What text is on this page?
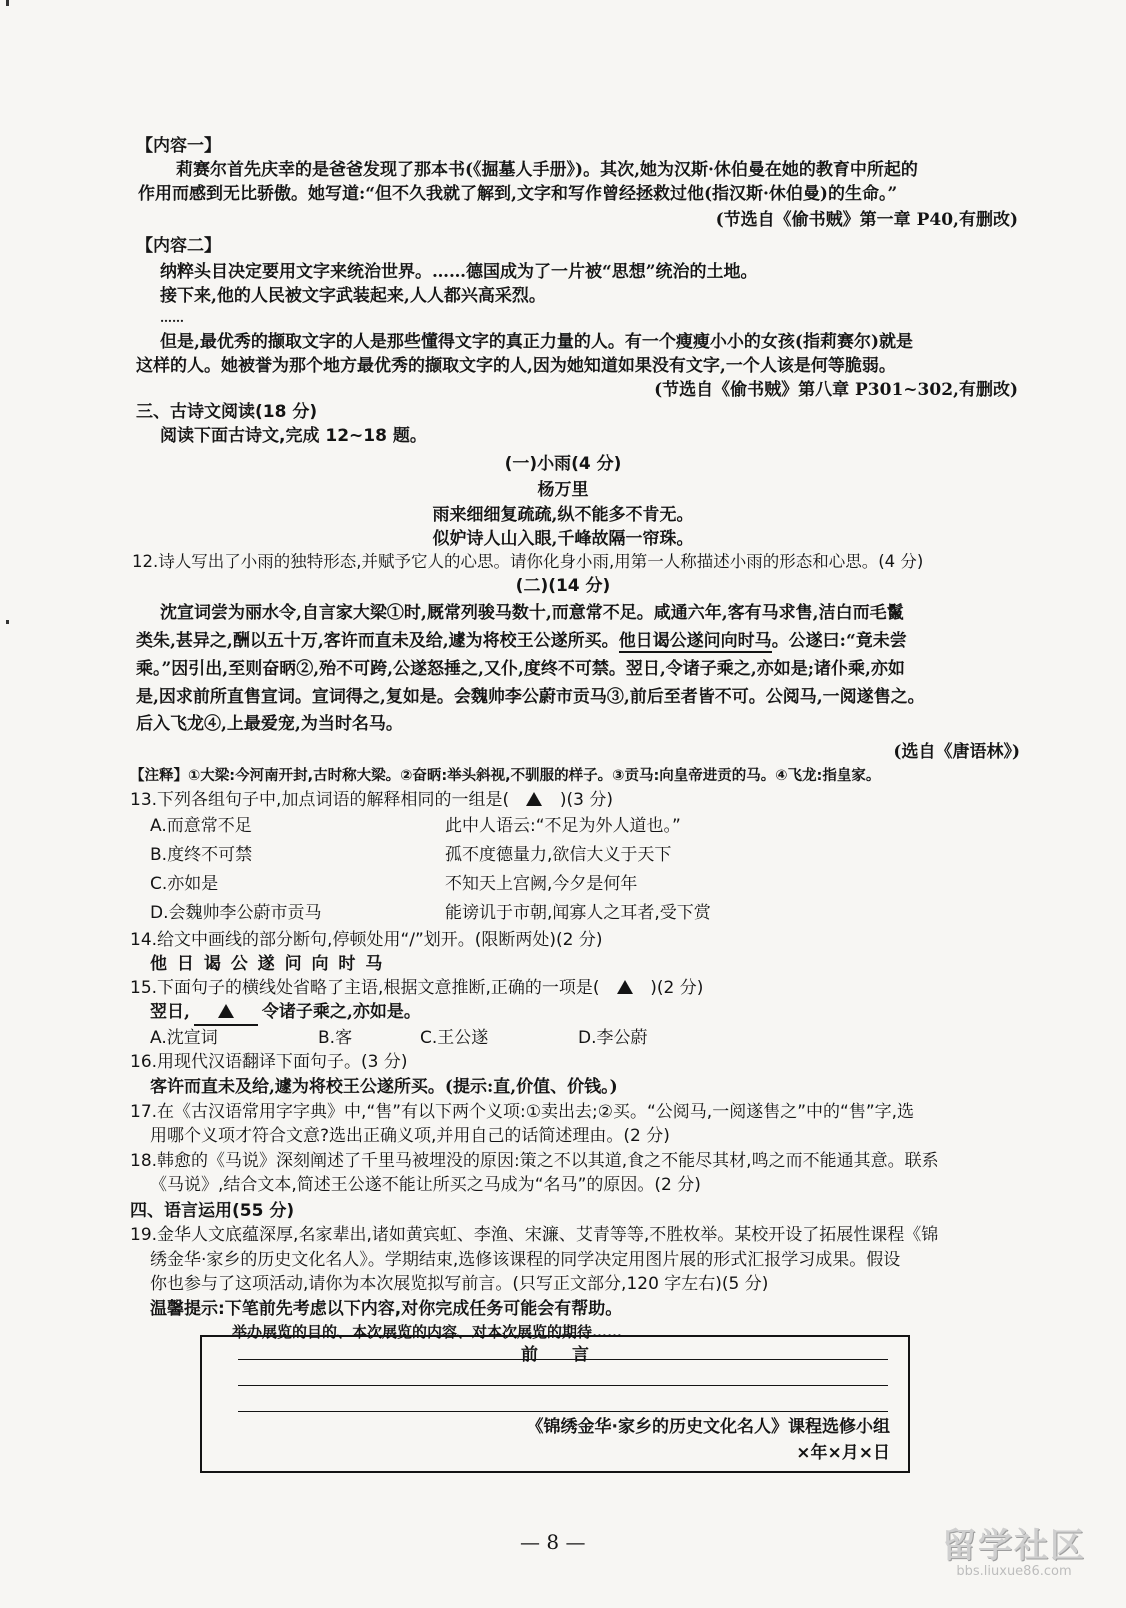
【内容一】
莉赛尔首先庆幸的是爸爸发现了那本书(《掘墓人手册》)。其次,她为汉斯·休伯曼在她的教育中所起的
作用而感到无比骄傲。她写道:“但不久我就了解到,文字和写作曾经拯救过他(指汉斯·休伯曼)的生命。”
(节选自《偷书贼》第一章 P40,有删改)
【内容二】
纳粹头目决定要用文字来统治世界。……德国成为了一片被“思想”统治的土地。
接下来,他的人民被文字武装起来,人人都兴高采烈。
……
但是,最优秀的撷取文字的人是那些懂得文字的真正力量的人。有一个瘦瘦小小的女孩(指莉赛尔)就是
这样的人。她被誉为那个地方最优秀的撷取文字的人,因为她知道如果没有文字,一个人该是何等脆弱。
(节选自《偷书贼》第八章 P301~302,有删改)
三、古诗文阅读(18 分)
阅读下面古诗文,完成 12~18 题。
(一)小雨(4 分)
杨万里
雨来细细复疏疏,纵不能多不肯无。
似妒诗人山入眼,千峰故隔一帘珠。
12.诗人写出了小雨的独特形态,并赋予它人的心思。请你化身小雨,用第一人称描述小雨的形态和心思。(4 分)
(二)(14 分)
沈宣词尝为丽水令,自言家大梁①时,厩常列骏马数十,而意常不足。咸通六年,客有马求售,洁白而毛鬣
类朱,甚异之,酬以五十万,客许而直未及给,遽为将校王公遂所买。他日谒公遂问向时马。公遂曰:“竟未尝
乘。”因引出,至则奋昞②,殆不可跨,公遂怒捶之,又仆,度终不可禁。翌日,令诸子乘之,亦如是;诸仆乘,亦如
是,因求前所直售宣词。宣词得之,复如是。会魏帅李公蔚市贡马③,前后至者皆不可。公阅马,一阅遂售之。
后入飞龙④,上最爱宠,为当时名马。
(选自《唐语林》)
【注释】①大梁:今河南开封,古时称大梁。②奋昞:举头斜视,不驯服的样子。③贡马:向皇帝进贡的马。④飞龙:指皇家。
13.下列各组句子中,加点词语的解释相同的一组是(	)(3 分)
A.而意常不足	此中人语云:“不足为外人道也。”
B.度终不可禁	孤不度德量力,欲信大义于天下
C.亦如是	不知天上宫阙,今夕是何年
D.会魏帅李公蔚市贡马	能谤讥于市朝,闻寡人之耳者,受下赏
14.给文中画线的部分断句,停顿处用“/”划开。(限断两处)(2 分)
他 日 谒 公 遂 问 向 时 马
15.下面句子的横线处省略了主语,根据文意推断,正确的一项是(	)(2 分)
翌日,	令诸子乘之,亦如是。
A.沈宣词	B.客	C.王公遂	D.李公蔚
16.用现代汉语翻译下面句子。(3 分)
客许而直未及给,遽为将校王公遂所买。(提示:直,价值、价钱。)
17.在《古汉语常用字字典》中,“售”有以下两个义项:①卖出去;②买。“公阅马,一阅遂售之”中的“售”字,选
用哪个义项才符合文意?选出正确义项,并用自己的话简述理由。(2 分)
18.韩愈的《马说》深刻阐述了千里马被埋没的原因:策之不以其道,食之不能尽其材,鸣之而不能通其意。联系
《马说》,结合文本,简述王公遂不能让所买之马成为“名马”的原因。(2 分)
四、语言运用(55 分)
19.金华人文底蕴深厚,名家辈出,诸如黄宾虹、李渔、宋濂、艾青等等,不胜枚举。某校开设了拓展性课程《锦
绣金华·家乡的历史文化名人》。学期结束,选修该课程的同学决定用图片展的形式汇报学习成果。假设
你也参与了这项活动,请你为本次展览拟写前言。(只写正文部分,120 字左右)(5 分)
温馨提示:下笔前先考虑以下内容,对你完成任务可能会有帮助。
举办展览的目的、本次展览的内容、对本次展览的期待……
前　　言
《锦绣金华·家乡的历史文化名人》课程选修小组
×年×月×日
— 8 —	留学社区
bbs.liuxue86.com
